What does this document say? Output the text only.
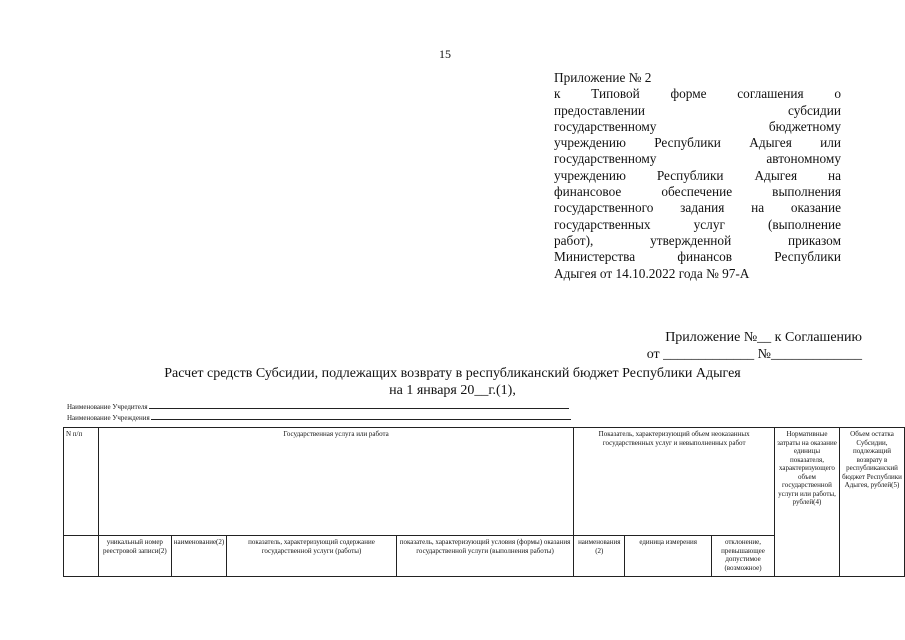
15
Приложение № 2
к Типовой форме соглашения о
предоставлении субсидии
государственному бюджетному
учреждению Республики Адыгея или
государственному автономному
учреждению Республики Адыгея на
финансовое обеспечение выполнения
государственного задания на оказание
государственных услуг (выполнение
работ), утвержденной приказом
Министерства финансов Республики
Адыгея от 14.10.2022 года № 97-А
Приложение №__ к Соглашению
от _____________ №_____________
Расчет средств Субсидии, подлежащих возврату в республиканский бюджет Республики Адыгея
на 1 января 20__г.(1),
Наименование Учредителя
Наименование Учреждения
N п/п	Государственная услуга или работа				Показатель, характеризующий объем неоказанных государственных услуг и невыполненных работ			Нормативные затраты на оказание единицы показателя, характеризующего объем государственной услуги или работы, рублей(4)	Объем остатка Субсидии, подлежащий возврату в республиканский бюджет Республики Адыгея, рублей(5)
	уникальный номер реестровой записи(2)	наименование(2)	показатель, характеризующий содержание государственной услуги (работы)	показатель, характеризующий условия (формы) оказания государственной услуги (выполнения работы)	наименования (2)	единица измерения	отклонение, превышающее допустимое (возможное)		
